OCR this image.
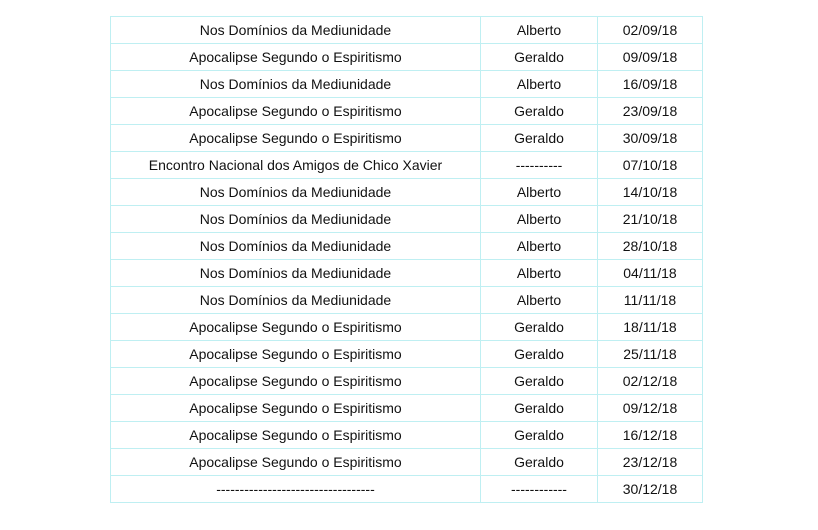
Nos Domínios da Mediunidade	Alberto	02/09/18
Apocalipse Segundo o Espiritismo	Geraldo	09/09/18
Nos Domínios da Mediunidade	Alberto	16/09/18
Apocalipse Segundo o Espiritismo	Geraldo	23/09/18
Apocalipse Segundo o Espiritismo	Geraldo	30/09/18
Encontro Nacional dos Amigos de Chico Xavier	----------	07/10/18
Nos Domínios da Mediunidade	Alberto	14/10/18
Nos Domínios da Mediunidade	Alberto	21/10/18
Nos Domínios da Mediunidade	Alberto	28/10/18
Nos Domínios da Mediunidade	Alberto	04/11/18
Nos Domínios da Mediunidade	Alberto	11/11/18
Apocalipse Segundo o Espiritismo	Geraldo	18/11/18
Apocalipse Segundo o Espiritismo	Geraldo	25/11/18
Apocalipse Segundo o Espiritismo	Geraldo	02/12/18
Apocalipse Segundo o Espiritismo	Geraldo	09/12/18
Apocalipse Segundo o Espiritismo	Geraldo	16/12/18
Apocalipse Segundo o Espiritismo	Geraldo	23/12/18
----------------------------------	------------	30/12/18
